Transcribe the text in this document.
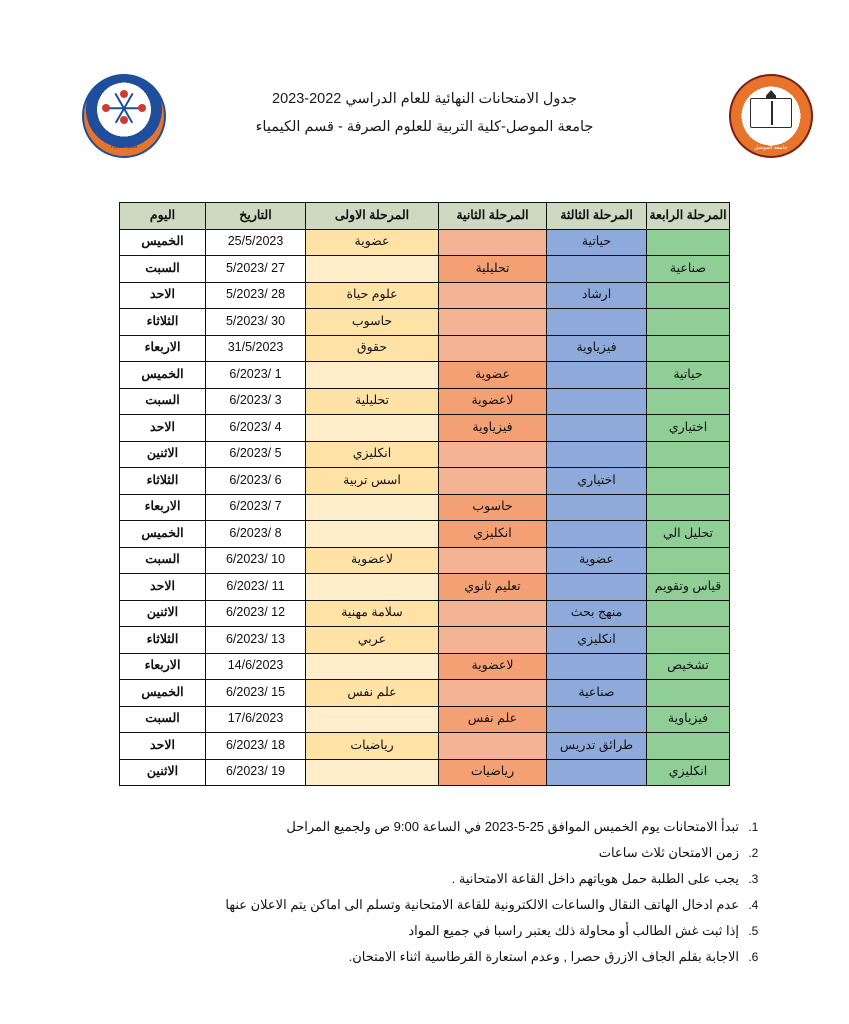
قسم الكيمياء	جامعة الموصل
جدول الامتحانات النهائية للعام الدراسي 2022-2023
جامعة الموصل-كلية التربية للعلوم الصرفة - قسم الكيمياء
المرحلة الرابعة	المرحلة الثالثة	المرحلة الثانية	المرحلة الاولى	التاريخ	اليوم
	حياتية		عضوية	25/5/2023	الخميس
صناعية		تحليلية		27 /5/2023	السبت
	ارشاد		علوم حياة	28 /5/2023	الاحد
			حاسوب	30 /5/2023	الثلاثاء
	فيزياوية		حقوق	31/5/2023	الاربعاء
حياتية		عضوية		1 /6/2023	الخميس
		لاعضوية	تحليلية	3 /6/2023	السبت
اختياري		فيزياوية		4 /6/2023	الاحد
			انكليزي	5 /6/2023	الاثنين
	اختياري		اسس تربية	6 /6/2023	الثلاثاء
		حاسوب		7 /6/2023	الاربعاء
تحليل الي		انكليزي		8 /6/2023	الخميس
	عضوية		لاعضوية	10 /6/2023	السبت
قياس وتقويم		تعليم ثانوي		11 /6/2023	الاحد
	منهج بحث		سلامة مهنية	12 /6/2023	الاثنين
	انكليزي		عربي	13 /6/2023	الثلاثاء
تشخيص		لاعضوية		14/6/2023	الاربعاء
	صناعية		علم نفس	15 /6/2023	الخميس
فيزياوية		علم نفس		17/6/2023	السبت
	طرائق تدريس		رياضيات	18 /6/2023	الاحد
انكليزي		رياضيات		19 /6/2023	الاثنين
1. تبدأ الامتحانات يوم الخميس الموافق 25-5-2023 في الساعة 9:00 ص ولجميع المراحل
2. زمن الامتحان ثلاث ساعات
3. يجب على الطلبة حمل هوياتهم داخل القاعة الامتحانية .
4. عدم ادخال الهاتف النقال والساعات الالكترونية للقاعة الامتحانية وتسلم الى اماكن يتم الاعلان عنها
5. إذا ثبت غش الطالب أو محاولة ذلك يعتبر راسبا في جميع المواد
6. الاجابة بقلم الجاف الازرق حصرا , وعدم استعارة القرطاسية اثناء الامتحان.
